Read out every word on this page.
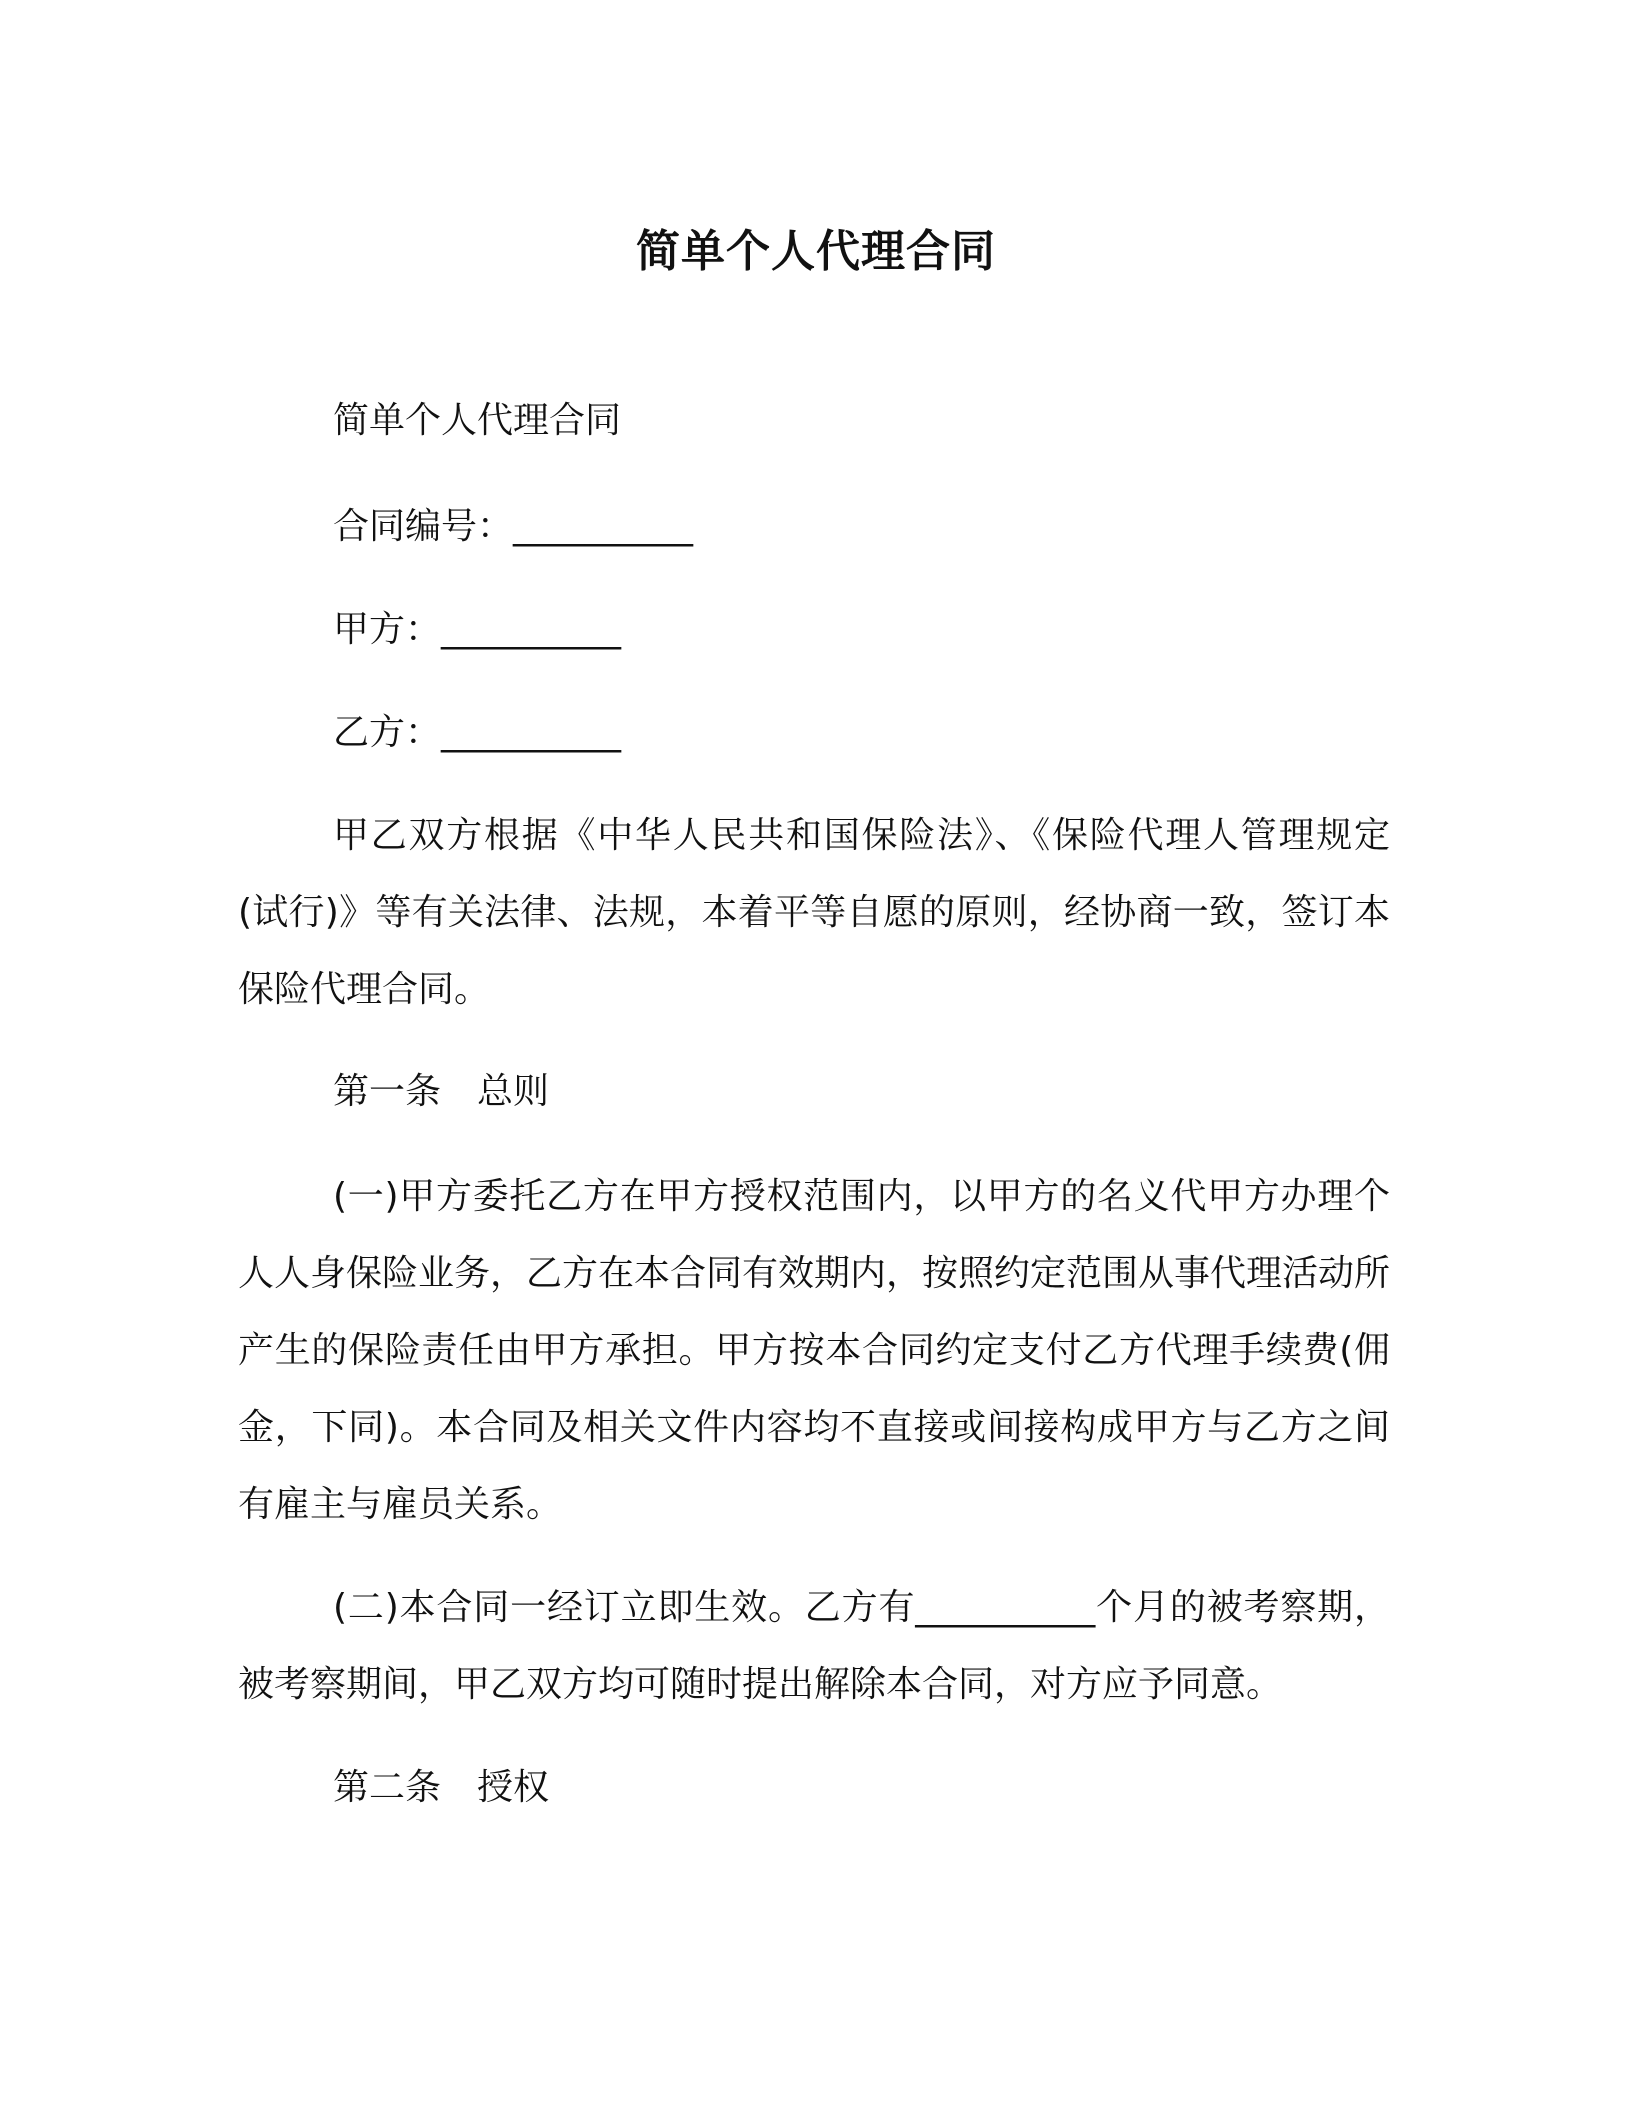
简单个人代理合同
简单个人代理合同
合同编号：__________
甲方：__________
乙方：__________
甲乙双方根据《中华人民共和国保险法》、《保险代理人管理规定(试行)》等有关法律、法规，本着平等自愿的原则，经协商一致，签订本保险代理合同。
第一条　总则
(一)甲方委托乙方在甲方授权范围内，以甲方的名义代甲方办理个人人身保险业务，乙方在本合同有效期内，按照约定范围从事代理活动所产生的保险责任由甲方承担。甲方按本合同约定支付乙方代理手续费(佣金，下同)。本合同及相关文件内容均不直接或间接构成甲方与乙方之间有雇主与雇员关系。
(二)本合同一经订立即生效。乙方有__________个月的被考察期，被考察期间，甲乙双方均可随时提出解除本合同，对方应予同意。
第二条　授权
